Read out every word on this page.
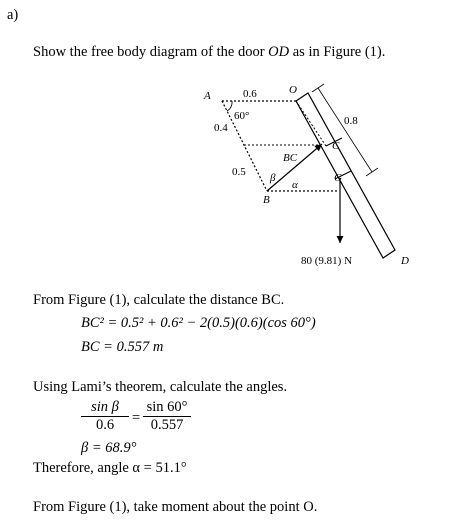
a)
Show the free body diagram of the door OD as in Figure (1).
A	0.6	O
60°
0.4
0.8
C
BC
0.5 β
α
G
B
80 (9.81) N	D
From Figure (1), calculate the distance BC.
BC² = 0.5² + 0.6² − 2(0.5)(0.6)(cos 60°)
BC = 0.557 m
Using Lami’s theorem, calculate the angles.
sin β
0.6	=
sin 60°
0.557
β = 68.9°
Therefore, angle α = 51.1°
From Figure (1), take moment about the point O.
